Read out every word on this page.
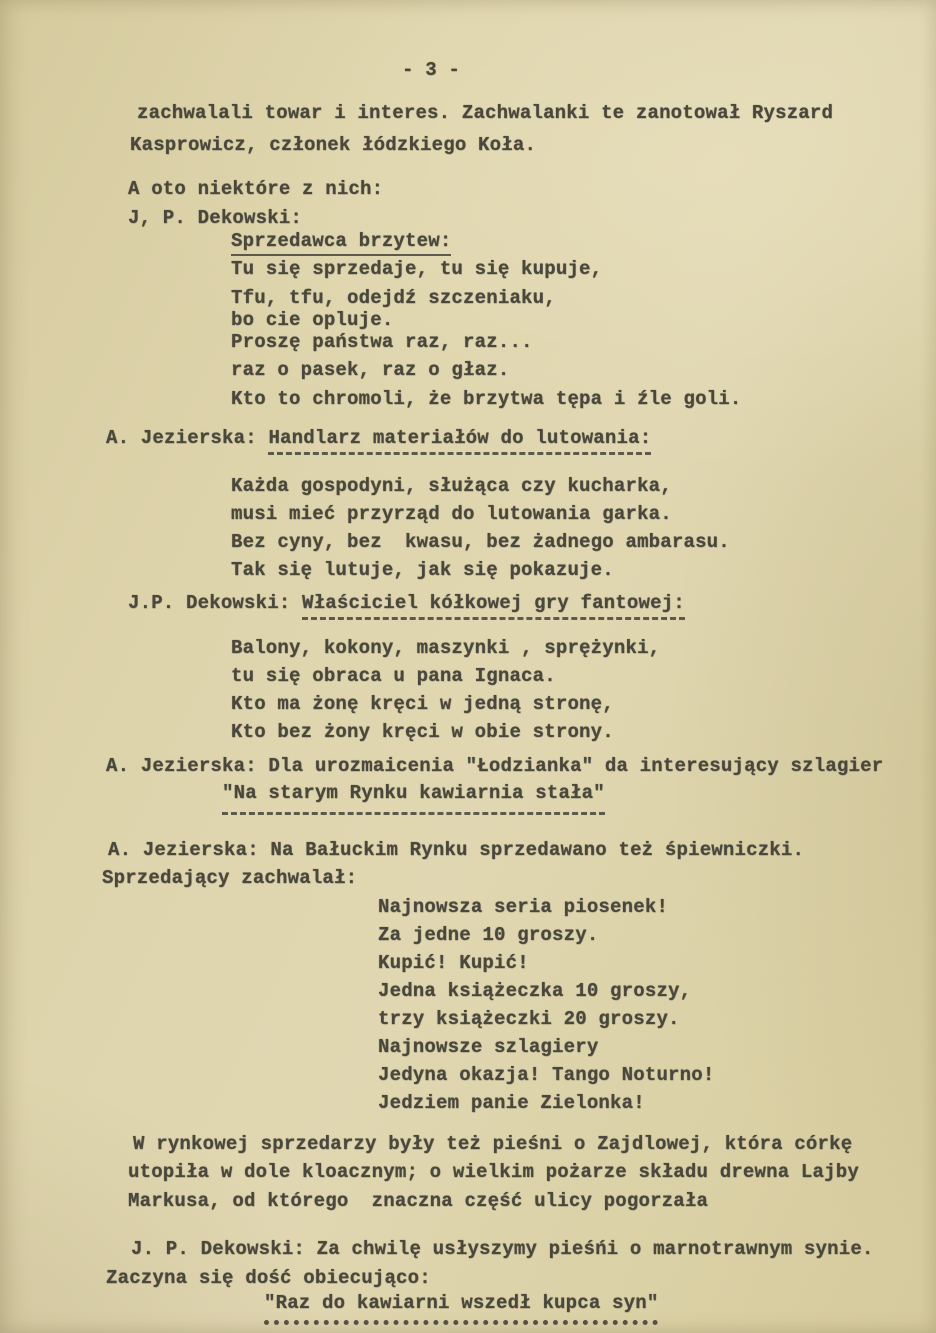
- 3 -
zachwalali towar i interes. Zachwalanki te zanotował Ryszard
Kasprowicz, członek łódzkiego Koła.
A oto niektóre z nich:
J, P. Dekowski:
Sprzedawca brzytew:
Tu się sprzedaje, tu się kupuje,
Tfu, tfu, odejdź szczeniaku,
bo cie opluje.
Proszę państwa raz, raz...
raz o pasek, raz o głaz.
Kto to chromoli, że brzytwa tępa i źle goli.
A. Jezierska: Handlarz materiałów do lutowania:
Każda gospodyni, służąca czy kucharka,
musi mieć przyrząd do lutowania garka.
Bez cyny, bez  kwasu, bez żadnego ambarasu.
Tak się lutuje, jak się pokazuje.
J.P. Dekowski: Właściciel kółkowej gry fantowej:
Balony, kokony, maszynki , sprężynki,
tu się obraca u pana Ignaca.
Kto ma żonę kręci w jedną stronę,
Kto bez żony kręci w obie strony.
A. Jezierska: Dla urozmaicenia "Łodzianka" da interesujący szlagier
"Na starym Rynku kawiarnia stała"
A. Jezierska: Na Bałuckim Rynku sprzedawano też śpiewniczki.
Sprzedający zachwalał:
Najnowsza seria piosenek!
Za jedne 10 groszy.
Kupić! Kupić!
Jedna książeczka 10 groszy,
trzy książeczki 20 groszy.
Najnowsze szlagiery
Jedyna okazja! Tango Noturno!
Jedziem panie Zielonka!
W rynkowej sprzedarzy były też pieśni o Zajdlowej, która córkę
utopiła w dole kloacznym; o wielkim pożarze składu drewna Lajby
Markusa, od którego  znaczna część ulicy pogorzała
J. P. Dekowski: Za chwilę usłyszymy pieśńi o marnotrawnym synie.
Zaczyna się dość obiecująco:
"Raz do kawiarni wszedł kupca syn"
